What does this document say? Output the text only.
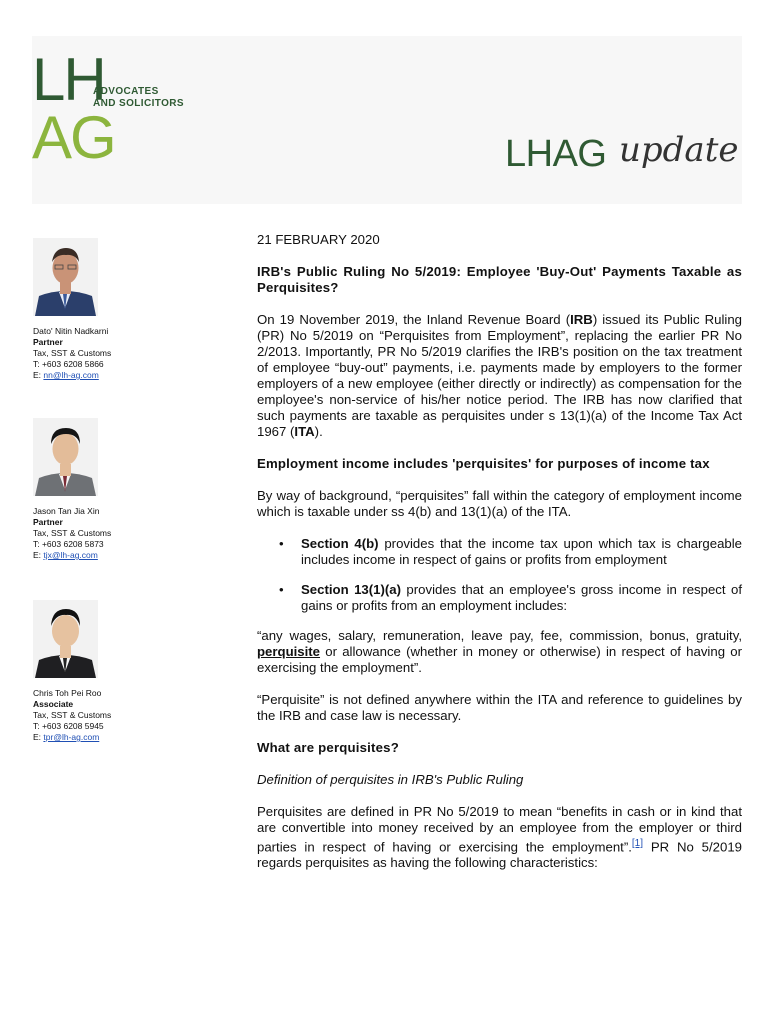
LH
AG
ADVOCATES
AND SOLICITORS
LHAG update
Dato' Nitin Nadkarni
Partner
Tax, SST & Customs
T: +603 6208 5866
E: nn@lh-ag.com
Jason Tan Jia Xin
Partner
Tax, SST & Customs
T: +603 6208 5873
E: tjx@lh-ag.com
Chris Toh Pei Roo
Associate
Tax, SST & Customs
T: +603 6208 5945
E: tpr@lh-ag.com

21 FEBRUARY 2020

IRB's Public Ruling No 5/2019: Employee 'Buy-Out' Payments Taxable as Perquisites?

On 19 November 2019, the Inland Revenue Board (IRB) issued its Public Ruling (PR) No 5/2019 on “Perquisites from Employment”, replacing the earlier PR No 2/2013. Importantly, PR No 5/2019 clarifies the IRB's position on the tax treatment of employee “buy-out” payments, i.e. payments made by employers to the former employers of a new employee (either directly or indirectly) as compensation for the employee's non-service of his/her notice period. The IRB has now clarified that such payments are taxable as perquisites under s 13(1)(a) of the Income Tax Act 1967 (ITA).

Employment income includes 'perquisites' for purposes of income tax

By way of background, “perquisites” fall within the category of employment income which is taxable under ss 4(b) and 13(1)(a) of the ITA.

• Section 4(b) provides that the income tax upon which tax is chargeable includes income in respect of gains or profits from employment
• Section 13(1)(a) provides that an employee's gross income in respect of gains or profits from an employment includes:

“any wages, salary, remuneration, leave pay, fee, commission, bonus, gratuity, perquisite or allowance (whether in money or otherwise) in respect of having or exercising the employment”.

“Perquisite” is not defined anywhere within the ITA and reference to guidelines by the IRB and case law is necessary.

What are perquisites?

Definition of perquisites in IRB's Public Ruling

Perquisites are defined in PR No 5/2019 to mean “benefits in cash or in kind that are convertible into money received by an employee from the employer or third parties in respect of having or exercising the employment”.[1] PR No 5/2019 regards perquisites as having the following characteristics:
